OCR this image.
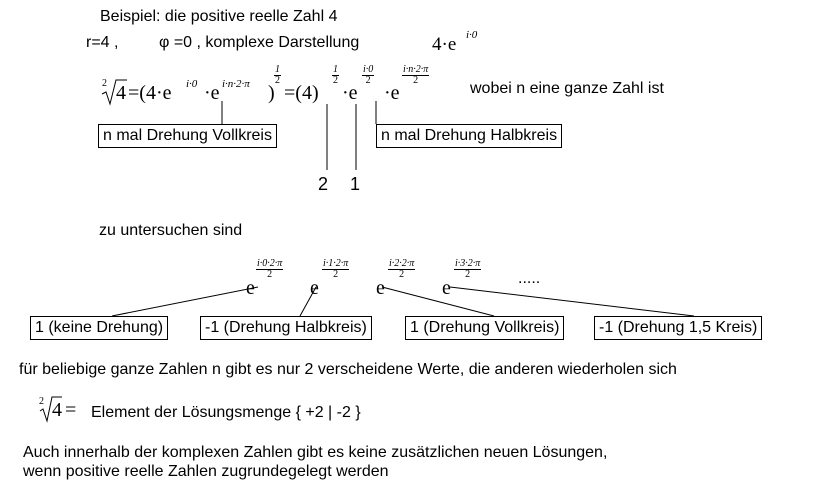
Beispiel: die positive reelle Zahl 4
r=4 ,	φ =0 , komplexe Darstellung	4·e i·0
2 4 =(4·e i·0 ·e i·n·2·π )
$\frac{1}{2}$
=(4)
$\frac{1}{2}$
·e
$\frac{i\cdot 0}{2}$
·e
$\frac{i\cdot n\cdot 2\cdot\pi}{2}$
wobei n eine ganze Zahl ist
n mal Drehung Vollkreis	n mal Drehung Halbkreis
2 1
zu untersuchen sind
e
$\frac{i\cdot 0\cdot 2\cdot\pi}{2}$
e
$\frac{i\cdot 1\cdot 2\cdot\pi}{2}$
e
$\frac{i\cdot 2\cdot 2\cdot\pi}{2}$
e
$\frac{i\cdot 3\cdot 2\cdot\pi}{2}$ .....
1 (keine Drehung)	-1 (Drehung Halbkreis)	1 (Drehung Vollkreis)	-1 (Drehung 1,5 Kreis)
für beliebige ganze Zahlen n gibt es nur 2 verscheidene Werte, die anderen wiederholen sich
2 4 = Element der Lösungsmenge { +2 | -2 }
Auch innerhalb der komplexen Zahlen gibt es keine zusätzlichen neuen Lösungen,
wenn positive reelle Zahlen zugrundegelegt werden
